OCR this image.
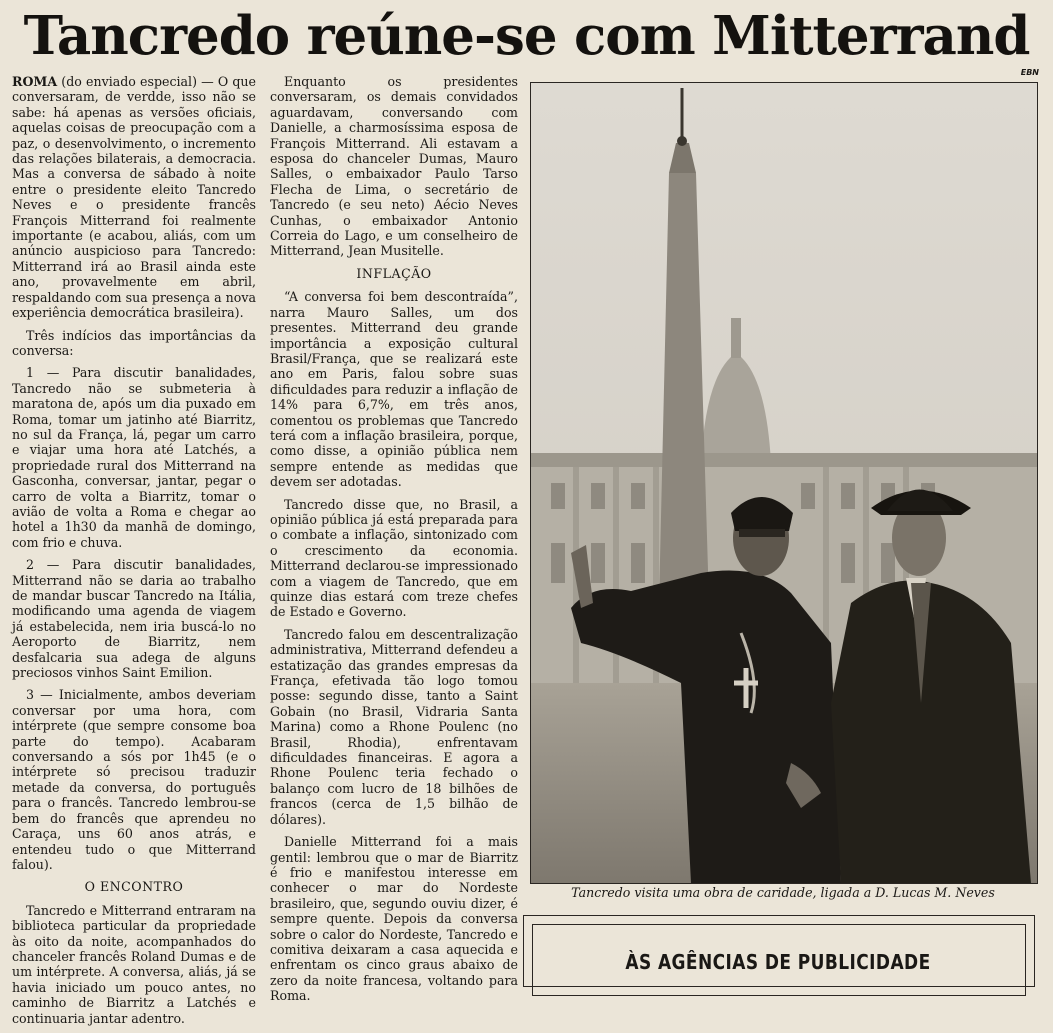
Tancredo reúne-se com Mitterrand
EBN

ROMA (do enviado especial) — O que conversaram, de verdde, isso não se sabe: há apenas as versões oficiais, aquelas coisas de preocupação com a paz, o desenvolvimento, o incremento das relações bilaterais, a democracia. Mas a conversa de sábado à noite entre o presidente eleito Tancredo Neves e o presidente francês François Mitterrand foi realmente importante (e acabou, aliás, com um anúncio auspicioso para Tancredo: Mitterrand irá ao Brasil ainda este ano, provavelmente em abril, respaldando com sua presença a nova experiência democrática brasileira).

Três indícios das importâncias da conversa:

1 — Para discutir banalidades, Tancredo não se submeteria à maratona de, após um dia puxado em Roma, tomar um jatinho até Biarritz, no sul da França, lá, pegar um carro e viajar uma hora até Latchés, a propriedade rural dos Mitterrand na Gasconha, conversar, jantar, pegar o carro de volta a Biarritz, tomar o avião de volta a Roma e chegar ao hotel a 1h30 da manhã de domingo, com frio e chuva.

2 — Para discutir banalidades, Mitterrand não se daria ao trabalho de mandar buscar Tancredo na Itália, modificando uma agenda de viagem já estabelecida, nem iria buscá-lo no Aeroporto de Biarritz, nem desfalcaria sua adega de alguns preciosos vinhos Saint Emilion.

3 — Inicialmente, ambos deveriam conversar por uma hora, com intérprete (que sempre consome boa parte do tempo). Acabaram conversando a sós por 1h45 (e o intérprete só precisou traduzir metade da conversa, do português para o francês. Tancredo lembrou-se bem do francês que aprendeu no Caraça, uns 60 anos atrás, e entendeu tudo o que Mitterrand falou).

O ENCONTRO

Tancredo e Mitterrand entraram na biblioteca particular da propriedade às oito da noite, acompanhados do chanceler francês Roland Dumas e de um intérprete. A conversa, aliás, já se havia iniciado um pouco antes, no caminho de Biarritz a Latchés e continuaria jantar adentro.

Enquanto os presidentes conversaram, os demais convidados aguardavam, conversando com Danielle, a charmosíssima esposa de François Mitterrand. Ali estavam a esposa do chanceler Dumas, Mauro Salles, o embaixador Paulo Tarso Flecha de Lima, o secretário de Tancredo (e seu neto) Aécio Neves Cunhas, o embaixador Antonio Correia do Lago, e um conselheiro de Mitterrand, Jean Musitelle.

INFLAÇÃO

“A conversa foi bem descontraída”, narra Mauro Salles, um dos presentes. Mitterrand deu grande importância a exposição cultural Brasil/França, que se realizará este ano em Paris, falou sobre suas dificuldades para reduzir a inflação de 14% para 6,7%, em três anos, comentou os problemas que Tancredo terá com a inflação brasileira, porque, como disse, a opinião pública nem sempre entende as medidas que devem ser adotadas.

Tancredo disse que, no Brasil, a opinião pública já está preparada para o combate a inflação, sintonizado com o crescimento da economia. Mitterrand declarou-se impressionado com a viagem de Tancredo, que em quinze dias estará com treze chefes de Estado e Governo.

Tancredo falou em descentralização administrativa, Mitterrand defendeu a estatização das grandes empresas da França, efetivada tão logo tomou posse: segundo disse, tanto a Saint Gobain (no Brasil, Vidraria Santa Marina) como a Rhone Poulenc (no Brasil, Rhodia), enfrentavam dificuldades financeiras. E agora a Rhone Poulenc teria fechado o balanço com lucro de 18 bilhões de francos (cerca de 1,5 bilhão de dólares).

Danielle Mitterrand foi a mais gentil: lembrou que o mar de Biarritz é frio e manifestou interesse em conhecer o mar do Nordeste brasileiro, que, segundo ouviu dizer, é sempre quente. Depois da conversa sobre o calor do Nordeste, Tancredo e comitiva deixaram a casa aquecida e enfrentam os cinco graus abaixo de zero da noite francesa, voltando para Roma.

Tancredo visita uma obra de caridade, ligada a D. Lucas M. Neves
ÀS AGÊNCIAS DE PUBLICIDADE
